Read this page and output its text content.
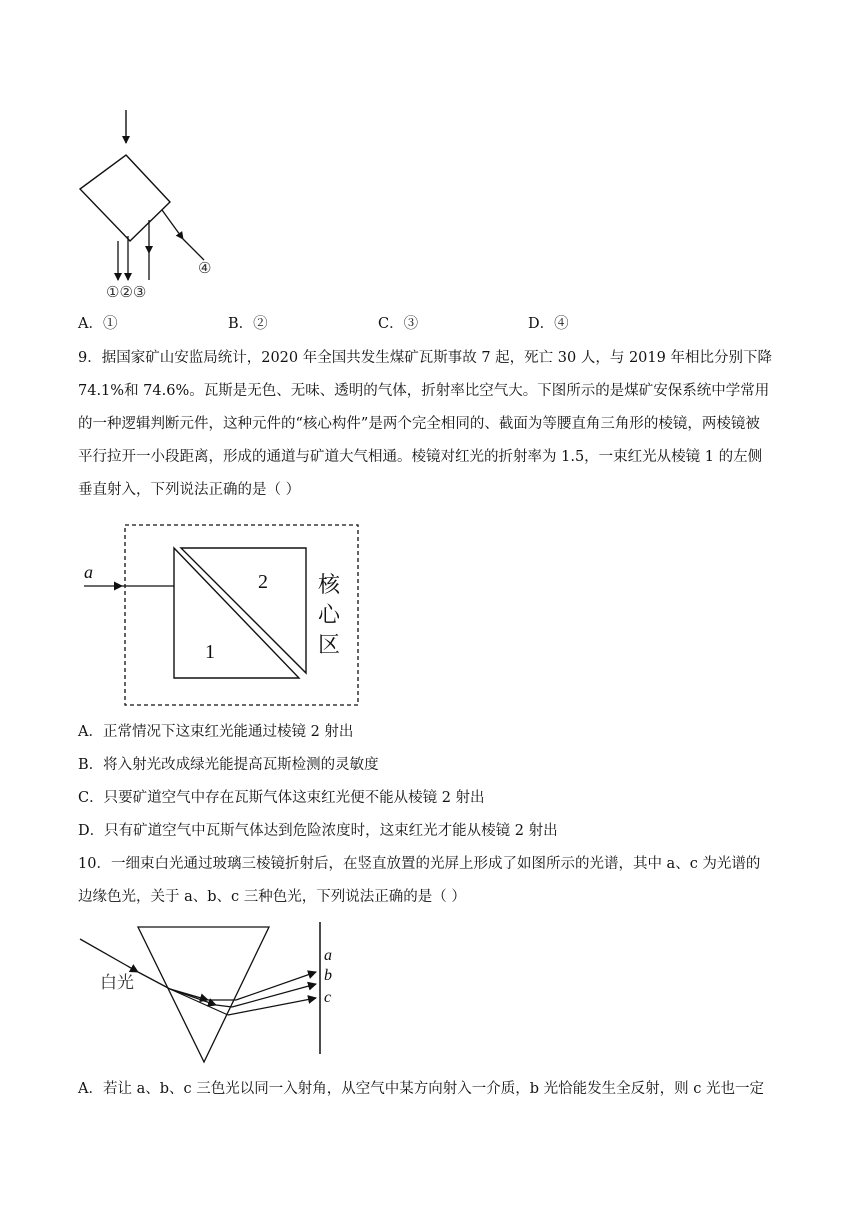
④
①②③
A．①	B．②	C．③	D．④
9．据国家矿山安监局统计，2020 年全国共发生煤矿瓦斯事故 7 起，死亡 30 人，与 2019 年相比分别下降
74.1%和 74.6%。瓦斯是无色、无味、透明的气体，折射率比空气大。下图所示的是煤矿安保系统中学常用
的一种逻辑判断元件，这种元件的“核心构件”是两个完全相同的、截面为等腰直角三角形的棱镜，两棱镜被
平行拉开一小段距离，形成的通道与矿道大气相通。棱镜对红光的折射率为 1.5，一束红光从棱镜 1 的左侧
垂直射入，下列说法正确的是（ ）
a	2
1
核
心
区
A．正常情况下这束红光能通过棱镜 2 射出
B．将入射光改成绿光能提高瓦斯检测的灵敏度
C．只要矿道空气中存在瓦斯气体这束红光便不能从棱镜 2 射出
D．只有矿道空气中瓦斯气体达到危险浓度时，这束红光才能从棱镜 2 射出
10．一细束白光通过玻璃三棱镜折射后，在竖直放置的光屏上形成了如图所示的光谱，其中 a、c 为光谱的
边缘色光，关于 a、b、c 三种色光，下列说法正确的是（ ）
白光
a
b
c
A．若让 a、b、c 三色光以同一入射角，从空气中某方向射入一介质，b 光恰能发生全反射，则 c 光也一定
